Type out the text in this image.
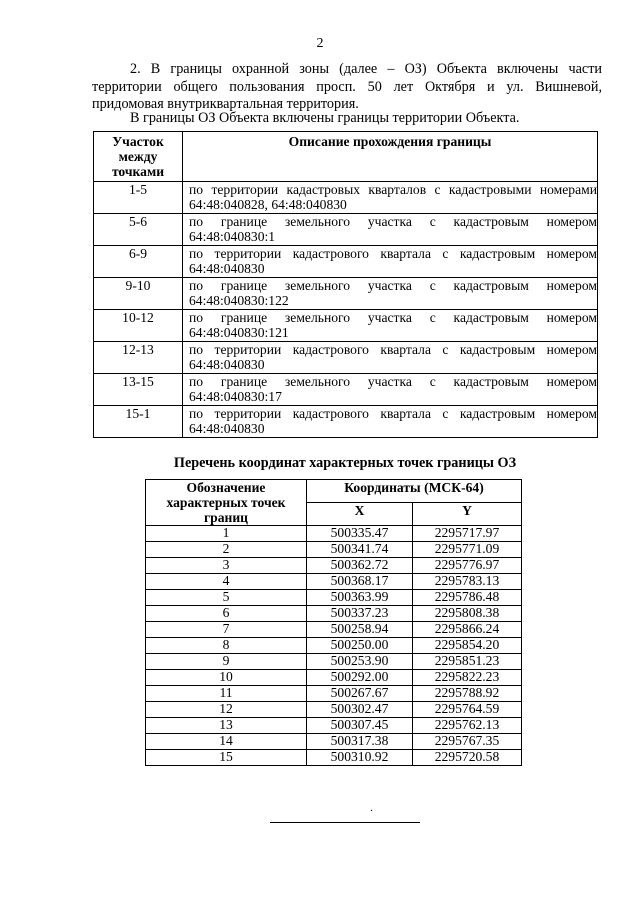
2
2. В границы охранной зоны (далее – ОЗ) Объекта включены части территории общего пользования просп. 50 лет Октября и ул. Вишневой, придомовая внутриквартальная территория.
В границы ОЗ Объекта включены границы территории Объекта.
Участок между точками	Описание прохождения границы
1-5	по территории кадастровых кварталов с кадастровыми номерами 64:48:040828, 64:48:040830
5-6	по границе земельного участка с кадастровым номером 64:48:040830:1
6-9	по территории кадастрового квартала с кадастровым номером 64:48:040830
9-10	по границе земельного участка с кадастровым номером 64:48:040830:122
10-12	по границе земельного участка с кадастровым номером 64:48:040830:121
12-13	по территории кадастрового квартала с кадастровым номером 64:48:040830
13-15	по границе земельного участка с кадастровым номером 64:48:040830:17
15-1	по территории кадастрового квартала с кадастровым номером 64:48:040830
Перечень координат характерных точек границы ОЗ
Обозначение характерных точек границ	Координаты (МСК-64)	
	X	Y
1	500335.47	2295717.97
2	500341.74	2295771.09
3	500362.72	2295776.97
4	500368.17	2295783.13
5	500363.99	2295786.48
6	500337.23	2295808.38
7	500258.94	2295866.24
8	500250.00	2295854.20
9	500253.90	2295851.23
10	500292.00	2295822.23
11	500267.67	2295788.92
12	500302.47	2295764.59
13	500307.45	2295762.13
14	500317.38	2295767.35
15	500310.92	2295720.58
.
